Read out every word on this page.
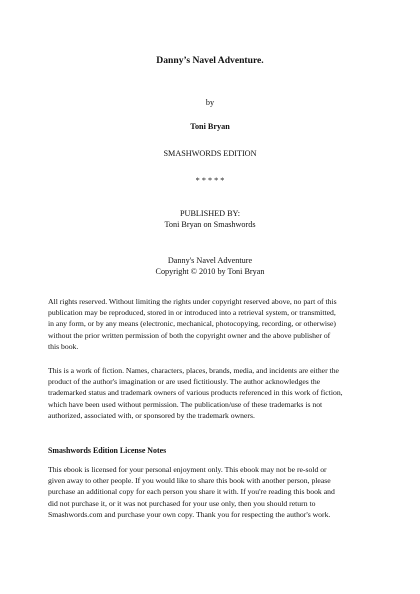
Danny’s Navel Adventure.
by
Toni Bryan
SMASHWORDS EDITION
* * * * *
PUBLISHED BY:
Toni Bryan on Smashwords
Danny's Navel Adventure
Copyright © 2010 by Toni Bryan
All rights reserved. Without limiting the rights under copyright reserved above, no part of this
publication may be reproduced, stored in or introduced into a retrieval system, or transmitted,
in any form, or by any means (electronic, mechanical, photocopying, recording, or otherwise)
without the prior written permission of both the copyright owner and the above publisher of
this book.
This is a work of fiction. Names, characters, places, brands, media, and incidents are either the
product of the author's imagination or are used fictitiously. The author acknowledges the
trademarked status and trademark owners of various products referenced in this work of fiction,
which have been used without permission. The publication/use of these trademarks is not
authorized, associated with, or sponsored by the trademark owners.
Smashwords Edition License Notes
This ebook is licensed for your personal enjoyment only. This ebook may not be re-sold or
given away to other people. If you would like to share this book with another person, please
purchase an additional copy for each person you share it with. If you're reading this book and
did not purchase it, or it was not purchased for your use only, then you should return to
Smashwords.com and purchase your own copy. Thank you for respecting the author's work.
